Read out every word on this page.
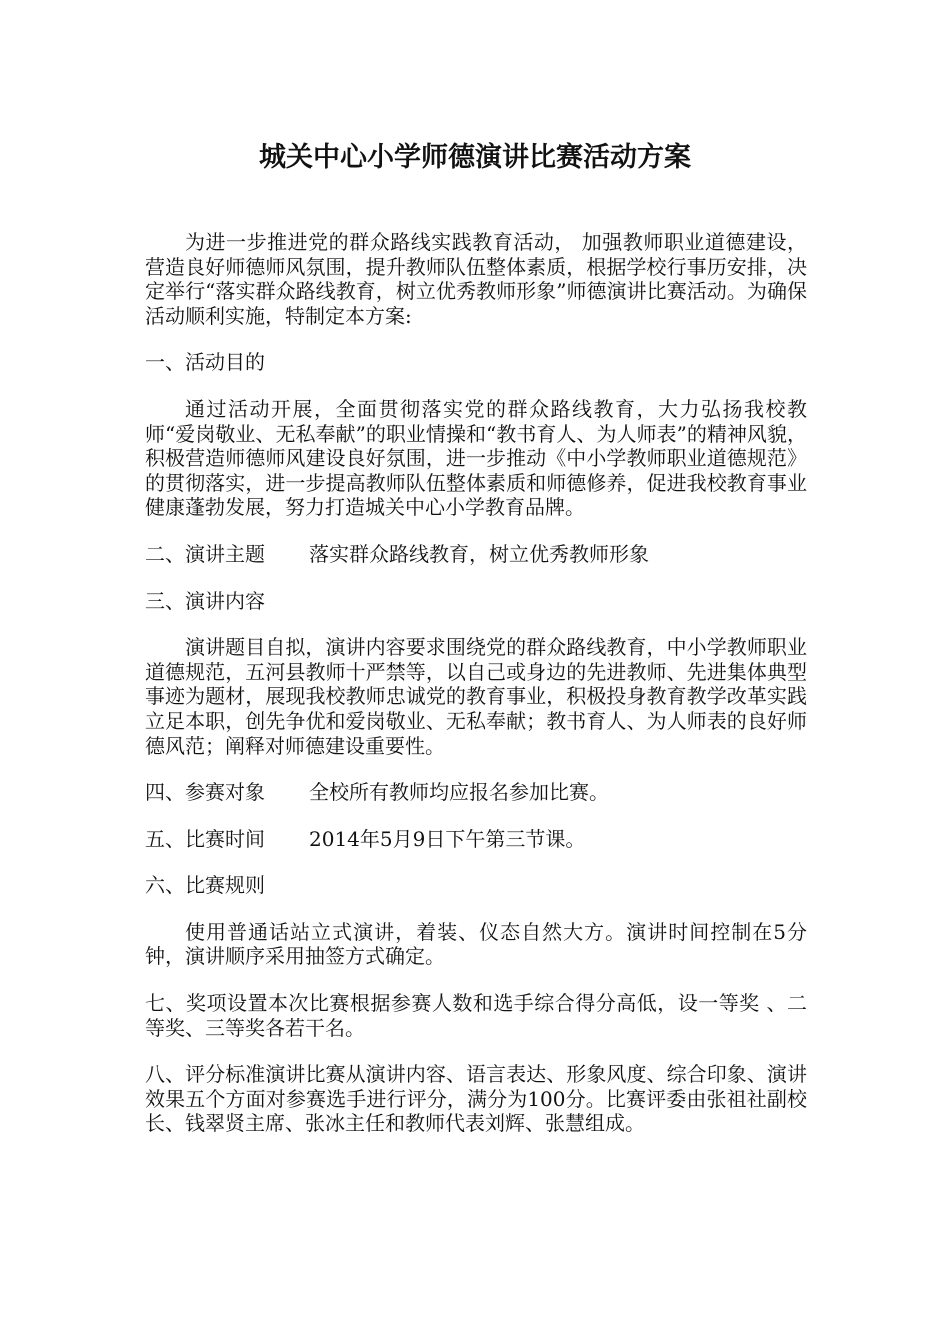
城关中心小学师德演讲比赛活动方案

为进一步推进党的群众路线实践教育活动， 加强教师职业道德建设，营造良好师德师风氛围，提升教师队伍整体素质，根据学校行事历安排，决定举行“落实群众路线教育，树立优秀教师形象”师德演讲比赛活动。为确保活动顺利实施，特制定本方案:

一、活动目的

通过活动开展，全面贯彻落实党的群众路线教育，大力弘扬我校教师“爱岗敬业、无私奉献”的职业情操和“教书育人、为人师表”的精神风貌，积极营造师德师风建设良好氛围，进一步推动《中小学教师职业道德规范》的贯彻落实，进一步提高教师队伍整体素质和师德修养，促进我校教育事业健康蓬勃发展，努力打造城关中心小学教育品牌。

二、演讲主题 落实群众路线教育，树立优秀教师形象

三、演讲内容

演讲题目自拟，演讲内容要求围绕党的群众路线教育，中小学教师职业道德规范，五河县教师十严禁等，以自己或身边的先进教师、先进集体典型事迹为题材，展现我校教师忠诚党的教育事业，积极投身教育教学改革实践立足本职，创先争优和爱岗敬业、无私奉献；教书育人、为人师表的良好师德风范；阐释对师德建设重要性。

四、参赛对象 全校所有教师均应报名参加比赛。

五、比赛时间 2014年5月9日下午第三节课。

六、比赛规则

使用普通话站立式演讲，着装、仪态自然大方。演讲时间控制在5分钟，演讲顺序采用抽签方式确定。

七、奖项设置本次比赛根据参赛人数和选手综合得分高低，设一等奖 、二等奖、三等奖各若干名。

八、评分标准演讲比赛从演讲内容、语言表达、形象风度、综合印象、演讲效果五个方面对参赛选手进行评分，满分为100分。比赛评委由张祖社副校长、钱翠贤主席、张冰主任和教师代表刘辉、张慧组成。
